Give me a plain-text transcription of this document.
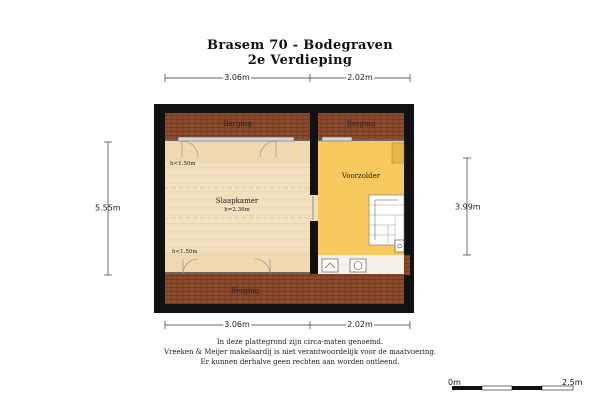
Brasem 70 - Bodegraven
2e Verdieping
Berging	Berging
Berging
Slaapkamer
h=2.36m
Voorzolder
h<1.50m
h<1.50m
3.06m	2.02m
3.06m	2.02m
5.55m	3.99m
In deze plattegrond zijn circa-maten genoemd.
Vreeken & Meijer makelaardij is niet verantwoordelijk voor de maatvoering.
Er kunnen derhalve geen rechten aan worden ontleend.
0m	2.5m
